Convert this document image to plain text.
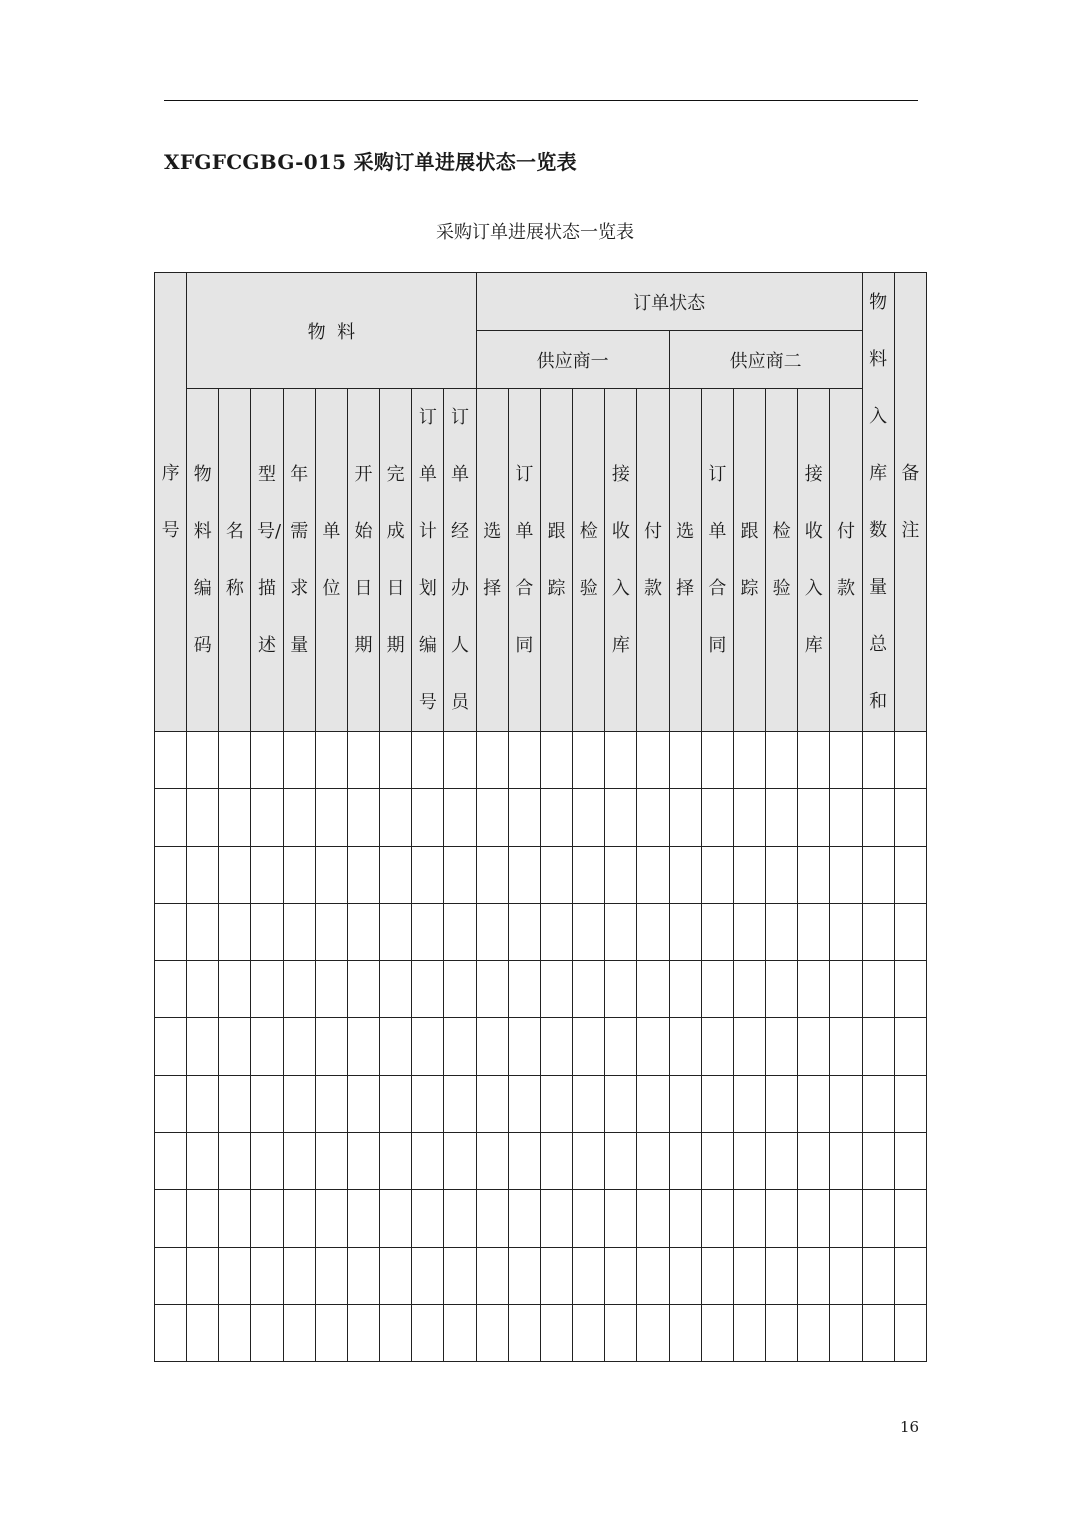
XFGFCGBG-015 采购订单进展状态一览表
采购订单进展状态一览表
序号	物  料									订单状态												物料入库数量总和	备注
										供应商一						供应商二							
	物料编码	名称	型号/描述	年需求量	单位	开始日期	完成日期	订单计划编号	订单经办人员	选择	订单合同	跟踪	检验	接收入库	付款	选择	订单合同	跟踪	检验	接收入库	付款		

16
